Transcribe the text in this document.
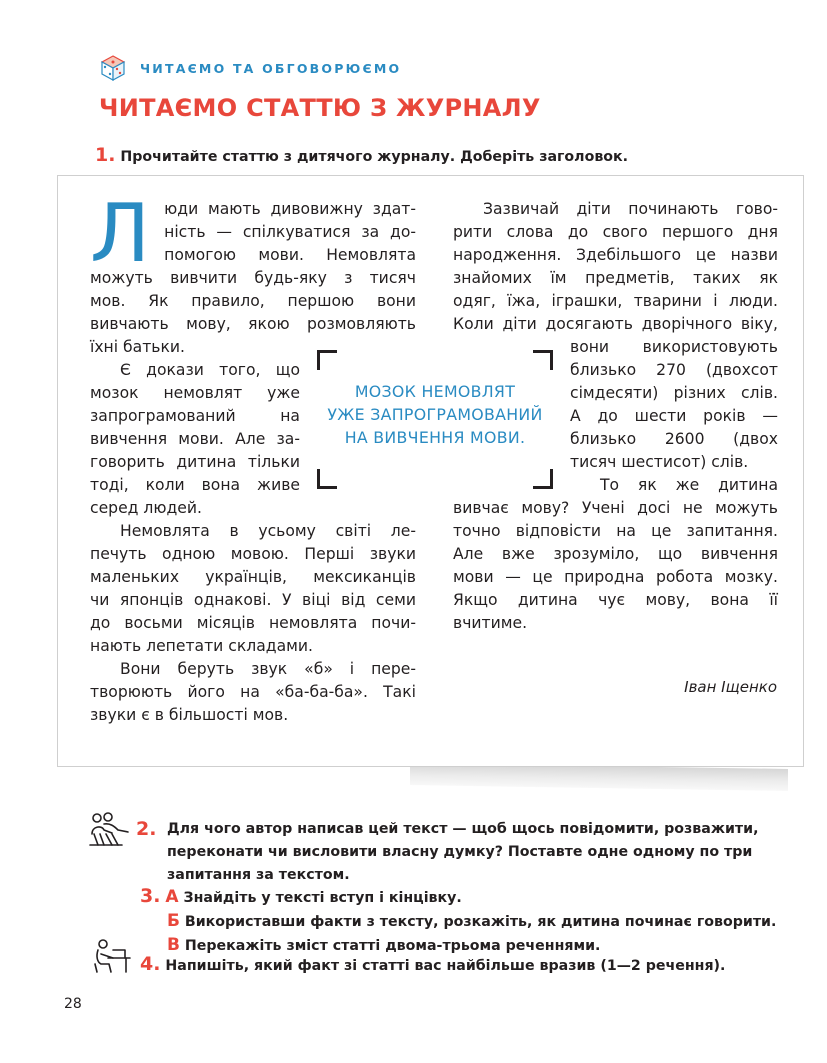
ЧИТАЄМО ТА ОБГОВОРЮЄМО
ЧИТАЄМО СТАТТЮ З ЖУРНАЛУ
1. Прочитайте статтю з дитячого журналу. Доберіть заголовок.
Л юди мають дивовижну здат-

ність — спілкуватися за до-

помогою мови. Немовлята

можуть вивчити будь-яку з тисяч

мов. Як правило, першою вони

вивчають мову, якою розмовляють

їхні батьки.

Є докази того, що

мозок немовлят уже

запрограмований на

вивчення мови. Але за-

говорить дитина тільки

тоді, коли вона живе

серед людей.

Немовлята в усьому світі ле-

печуть одною мовою. Перші звуки

маленьких українців, мексиканців

чи японців однакові. У віці від семи

до восьми місяців немовлята почи-

нають лепетати складами.

Вони беруть звук «б» і пере-

творюють його на «ба-ба-ба». Такі

звуки є в більшості мов.

Зазвичай діти починають гово-

рити слова до свого першого дня

народження. Здебільшого це назви

знайомих їм предметів, таких як

одяг, їжа, іграшки, тварини і люди.

Коли діти досягають дворічного віку,

вони використовують

близько 270 (двохсот

сімдесяти) різних слів.

А до шести років —

близько 2600 (двох

тисяч шестисот) слів.

То як же дитина

вивчає мову? Учені досі не можуть

точно відповісти на це запитання.

Але вже зрозуміло, що вивчення

мови — це природна робота мозку.

Якщо дитина чує мову, вона її

вчитиме.

МОЗОК НЕМОВЛЯТ
УЖЕ ЗАПРОГРАМОВАНИЙ
НА ВИВЧЕННЯ МОВИ.
Іван Іщенко
2. Для чого автор написав цей текст — щоб щось повідомити, розважити,
переконати чи висловити власну думку? Поставте одне одному по три
запитання за текстом.
3. А Знайдіть у тексті вступ і кінцівку.
Б Використавши факти з тексту, розкажіть, як дитина починає говорити.
В Перекажіть зміст статті двома-трьома реченнями.
4. Напишіть, який факт зі статті вас найбільше вразив (1—2 речення).
28
